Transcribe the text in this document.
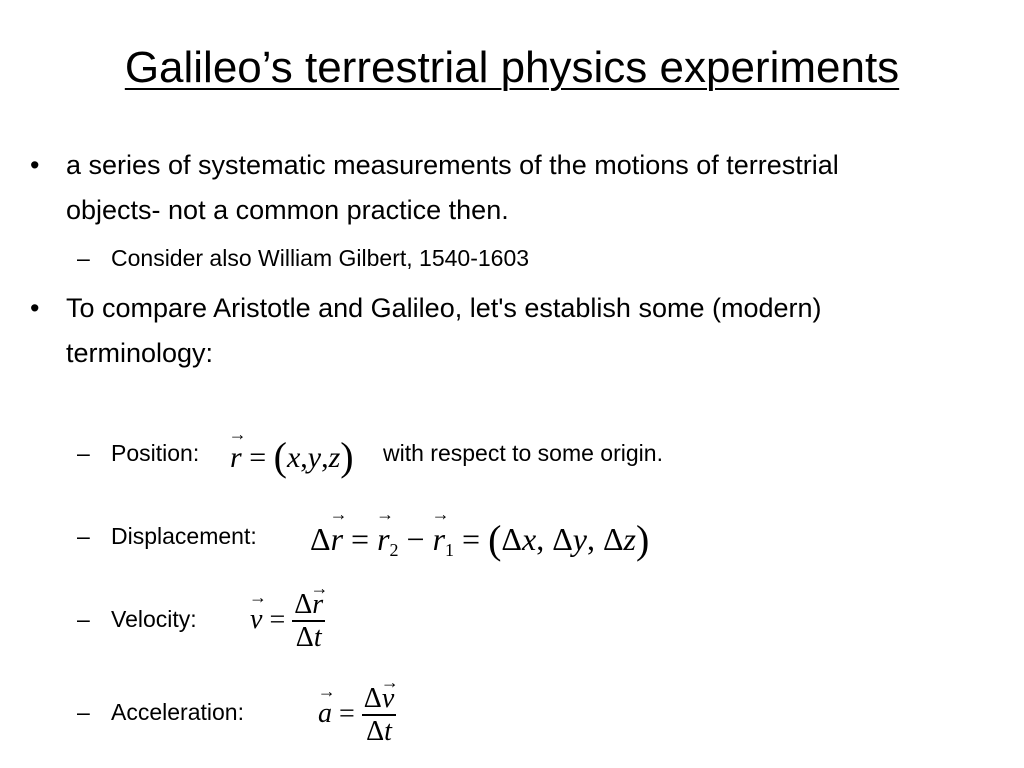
Galileo’s terrestrial physics experiments
• a series of systematic measurements of the motions of terrestrial objects- not a common practice then.
– Consider also William Gilbert, 1540-1603
• To compare Aristotle and Galileo, let's establish some (modern) terminology:
– Position: → r = (x,y,z) with respect to some origin.
– Displacement: Δ→ r = → $r_2$ − → $r_1 = (\Delta x$, Δy, Δz)
– Velocity: → $v = \frac{\Delta\to r}{\Delta t}$
– Acceleration:	→ $a = \frac{\Delta\to v}{\Delta t}$
